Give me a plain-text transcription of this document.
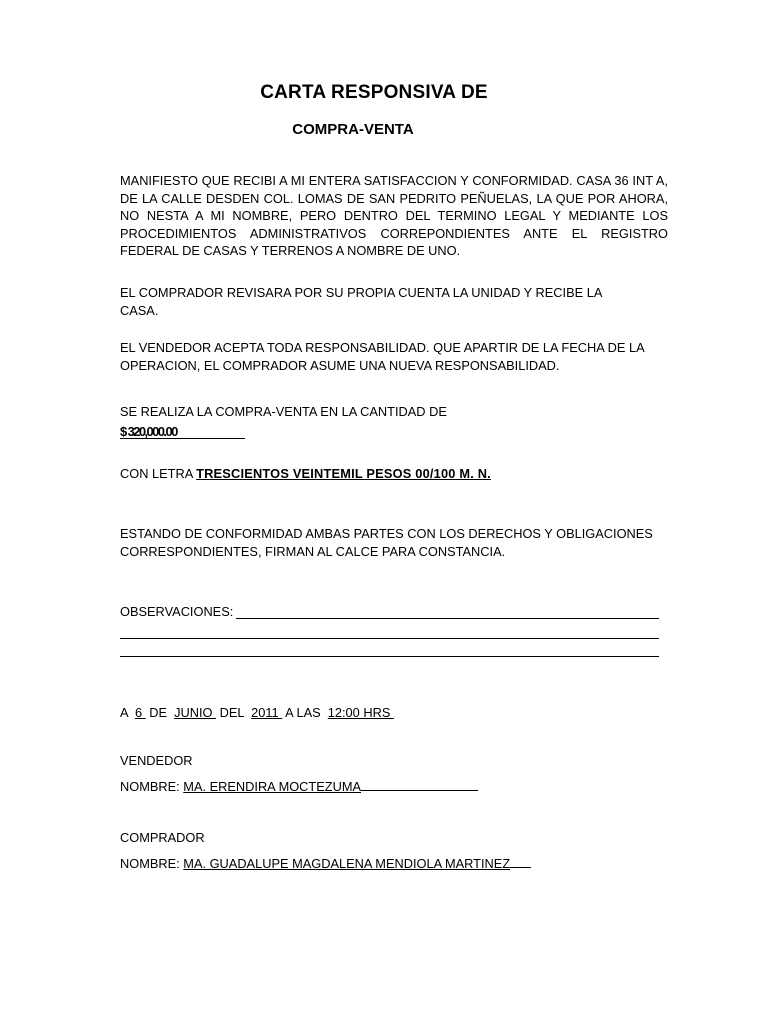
CARTA RESPONSIVA DE
COMPRA-VENTA
MANIFIESTO QUE RECIBI A MI ENTERA SATISFACCION Y CONFORMIDAD. CASA 36 INT A, DE LA CALLE DESDEN COL. LOMAS DE SAN PEDRITO PEÑUELAS, LA QUE POR AHORA, NO NESTA A MI NOMBRE, PERO DENTRO DEL TERMINO LEGAL Y MEDIANTE LOS PROCEDIMIENTOS ADMINISTRATIVOS CORREPONDIENTES ANTE EL REGISTRO FEDERAL DE CASAS Y TERRENOS A NOMBRE DE UNO.
EL COMPRADOR REVISARA POR SU PROPIA CUENTA LA UNIDAD Y RECIBE LA CASA.
EL VENDEDOR ACEPTA TODA RESPONSABILIDAD. QUE APARTIR DE LA FECHA DE LA OPERACION, EL COMPRADOR ASUME UNA NUEVA RESPONSABILIDAD.
SE REALIZA LA COMPRA-VENTA EN LA CANTIDAD DE
$ 320,000.00
CON LETRA TRESCIENTOS VEINTEMIL PESOS 00/100 M. N.
ESTANDO DE CONFORMIDAD AMBAS PARTES CON LOS DERECHOS Y OBLIGACIONES CORRESPONDIENTES, FIRMAN AL CALCE PARA CONSTANCIA.
OBSERVACIONES:
A  6  DE  JUNIO  DEL  2011  A LAS  12:00 HRS
VENDEDOR
NOMBRE: MA. ERENDIRA MOCTEZUMA
COMPRADOR
NOMBRE: MA. GUADALUPE MAGDALENA MENDIOLA MARTINEZ
